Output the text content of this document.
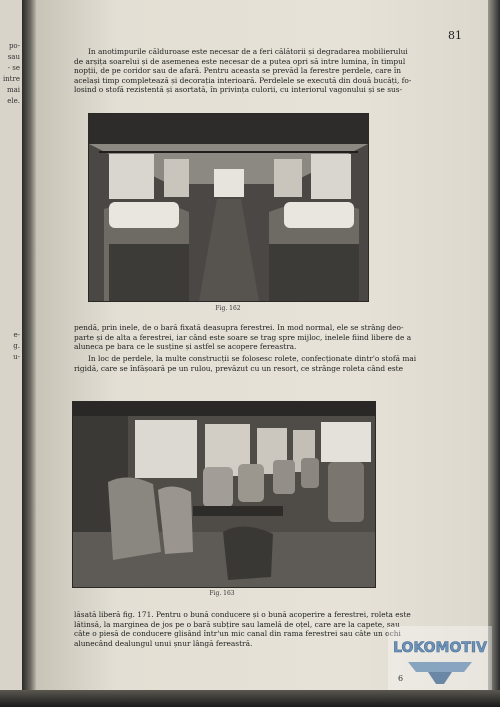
po-
sau
- se
intre
mai
ele.
e-
g.
u-
81

In anotimpurile călduroase este necesar de a feri călătorii și degradarea mobilierului
de arșița soarelui și de asemenea este necesar de a putea opri să intre lumina, în timpul
nopții, de pe coridor sau de afară. Pentru aceasta se prevăd la ferestre perdele, care în
același timp completează și decorația interioară. Perdelele se execută din două bucăți, fo-
losind o stofă rezistentă și asortată, în privința culorii, cu interiorul vagonului și se sus-

Fig. 162

pendă, prin inele, de o bară fixată deasupra ferestrei. In mod normal, ele se strâng deo-
parte și de alta a ferestrei, iar când este soare se trag spre mijloc, inelele fiind libere de a
aluneca pe bara ce le susține și astfel se acopere fereastra.

In loc de perdele, la multe construcții se folosesc rolete, confecționate dintr'o stofă mai
rigidă, care se înfășoară pe un rulou, prevăzut cu un resort, ce strânge roleta când este

Fig. 163

lăsată liberă fig. 171. Pentru o bună conducere și o bună acoperire a ferestrei, roleta este
lătinsă, la marginea de jos pe o bară subțire sau lamelă de oțel, care are la capete, sau
câte o piesă de conducere glisând într'un mic canal din rama ferestrei sau câte un ochi
alunecând dealungul unui șnur lângă fereastră.	LOKOMOTIV
6
